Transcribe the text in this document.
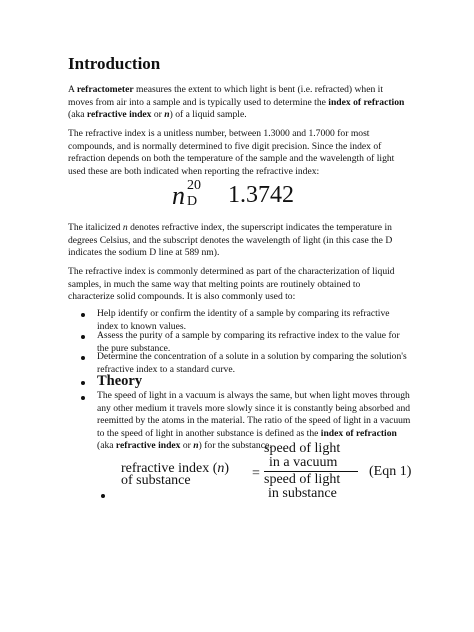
Introduction
A refractometer measures the extent to which light is bent (i.e. refracted) when it moves from air into a sample and is typically used to determine the index of refraction (aka refractive index or n) of a liquid sample.
The refractive index is a unitless number, between 1.3000 and 1.7000 for most compounds, and is normally determined to five digit precision. Since the index of refraction depends on both the temperature of the sample and the wavelength of light used these are both indicated when reporting the refractive index:
n 20
D 1.3742
The italicized n denotes refractive index, the superscript indicates the temperature in degrees Celsius, and the subscript denotes the wavelength of light (in this case the D indicates the sodium D line at 589 nm).
The refractive index is commonly determined as part of the characterization of liquid samples, in much the same way that melting points are routinely obtained to characterize solid compounds. It is also commonly used to:
Help identify or confirm the identity of a sample by comparing its refractive index to known values.
Assess the purity of a sample by comparing its refractive index to the value for the pure substance.
Determine the concentration of a solute in a solution by comparing the solution's refractive index to a standard curve.
Theory
The speed of light in a vacuum is always the same, but when light moves through any other medium it travels more slowly since it is constantly being absorbed and reemitted by the atoms in the material. The ratio of the speed of light in a vacuum to the speed of light in another substance is defined as the index of refraction (aka refractive index or n) for the substance.
refractive index (n)
of substance	=
speed of light
in a vacuum
speed of light
in substance
(Eqn 1)
